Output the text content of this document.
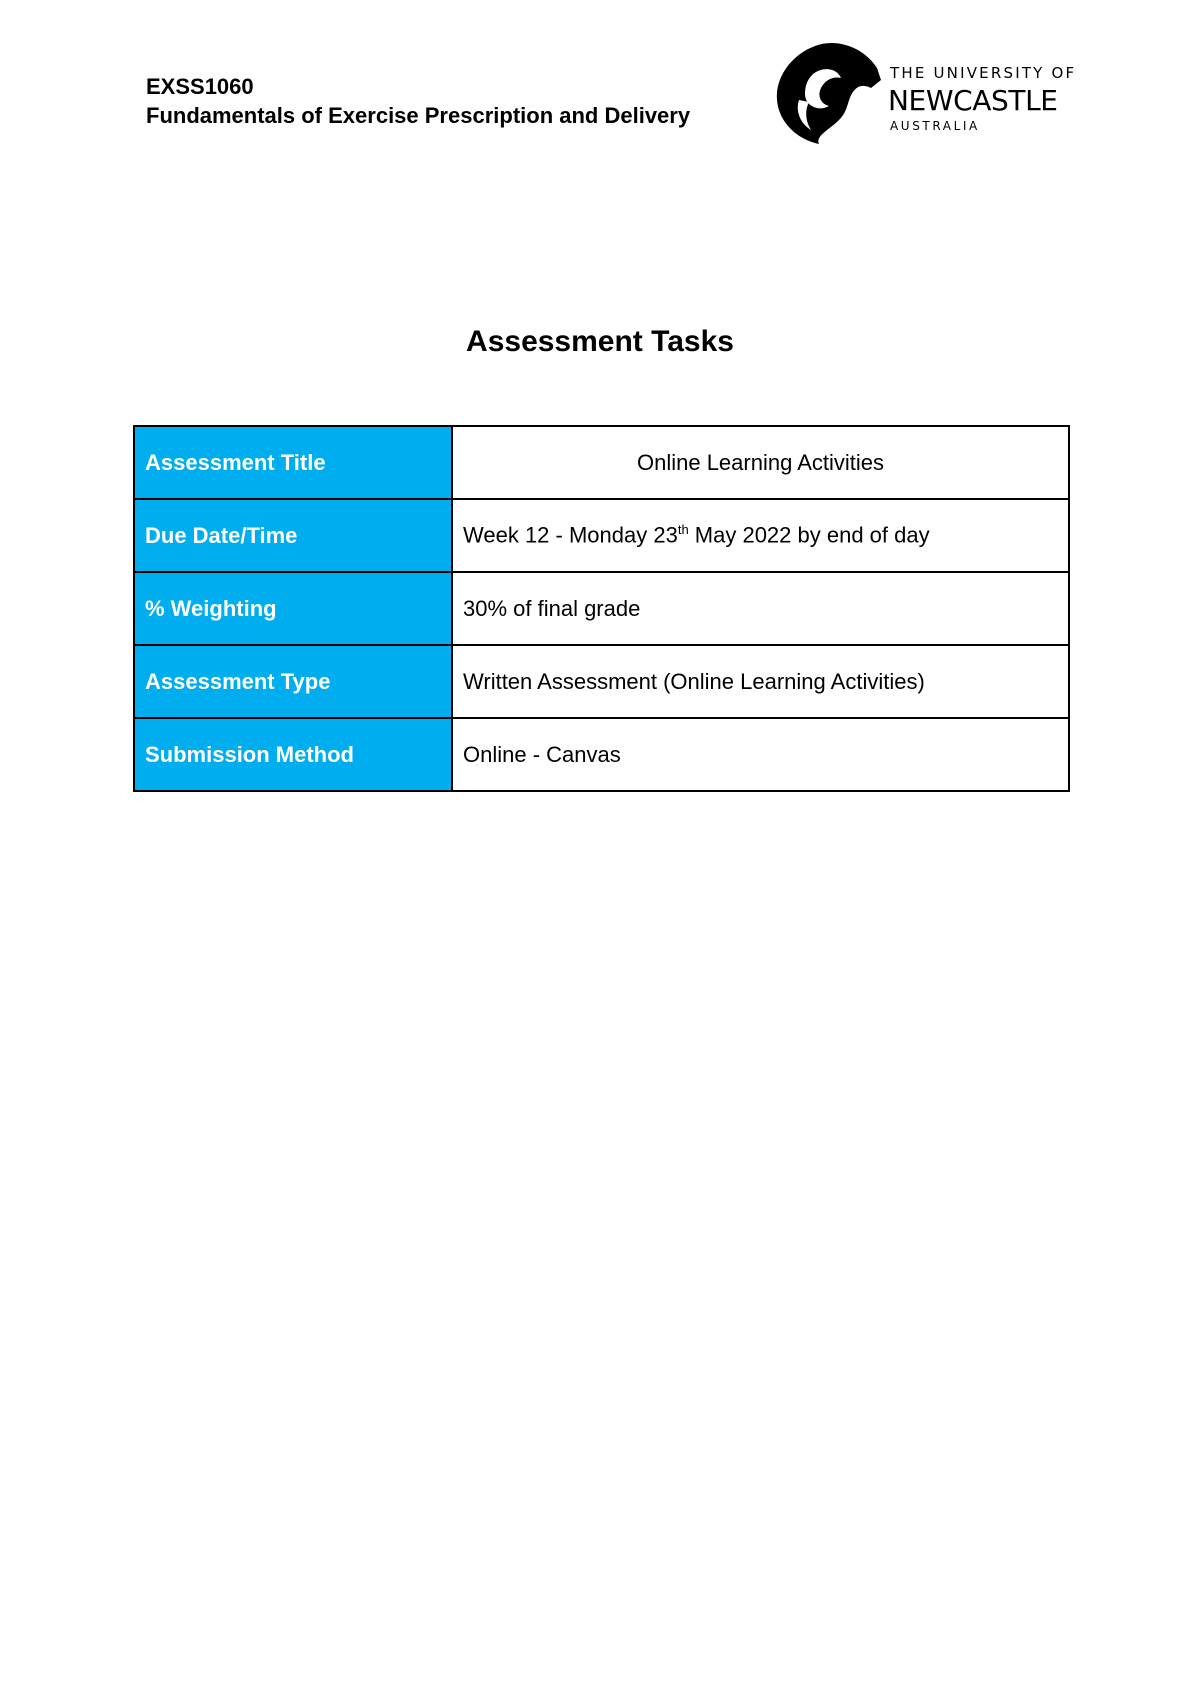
EXSS1060
Fundamentals of Exercise Prescription and Delivery
THE UNIVERSITY OF
NEWCASTLE
AUSTRALIA
Assessment Tasks
Assessment Title	Online Learning Activities
Due Date/Time	Week 12 - Monday 23th May 2022 by end of day
% Weighting	30% of final grade
Assessment Type	Written Assessment (Online Learning Activities)
Submission Method	Online - Canvas
